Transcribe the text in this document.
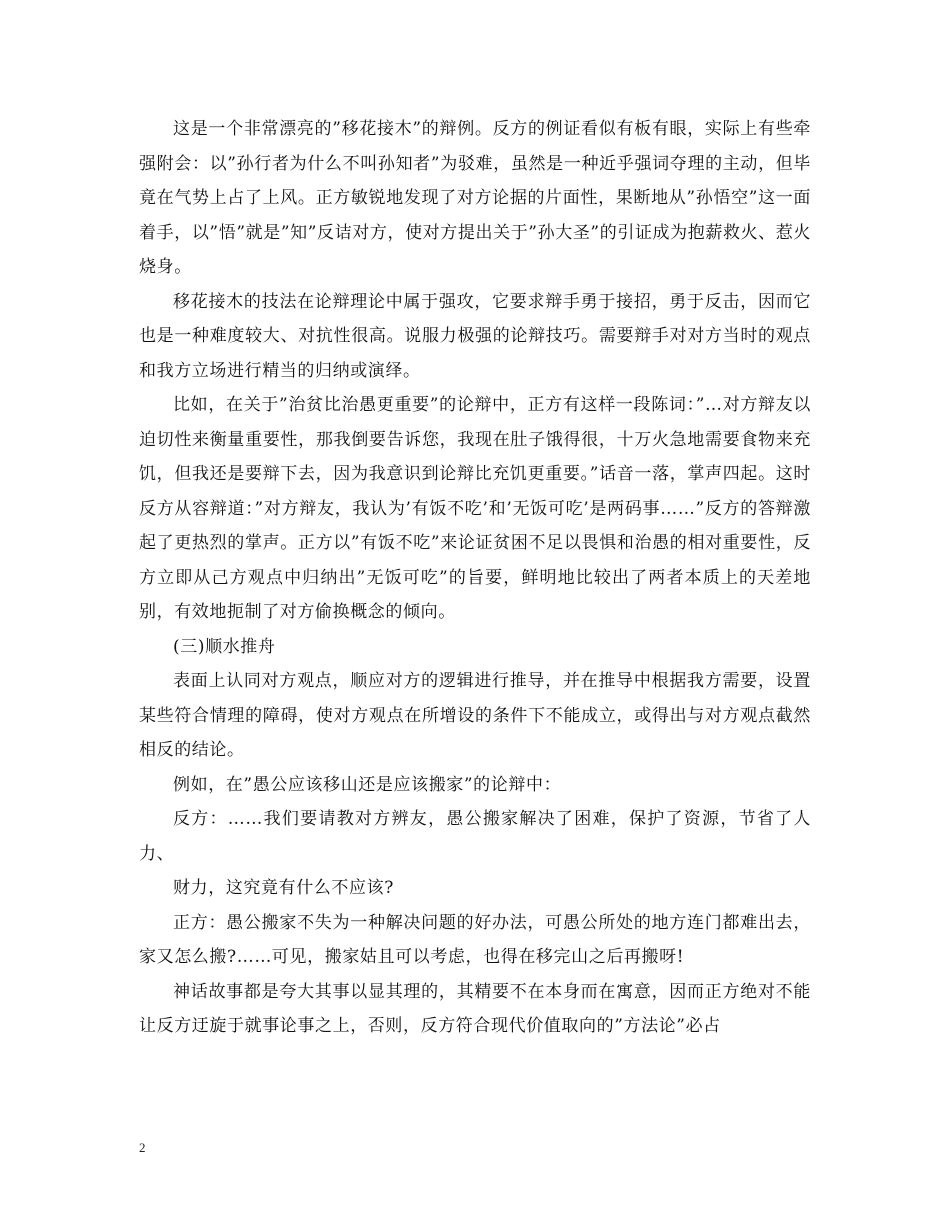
这是一个非常漂亮的”移花接木”的辩例。反方的例证看似有板有眼，实际上有些牵强附会：以”孙行者为什么不叫孙知者”为驳难，虽然是一种近乎强词夺理的主动，但毕竟在气势上占了上风。正方敏锐地发现了对方论据的片面性，果断地从”孙悟空”这一面着手，以”悟”就是”知”反诘对方，使对方提出关于”孙大圣”的引证成为抱薪救火、惹火烧身。

移花接木的技法在论辩理论中属于强攻，它要求辩手勇于接招，勇于反击，因而它也是一种难度较大、对抗性很高。说服力极强的论辩技巧。需要辩手对对方当时的观点和我方立场进行精当的归纳或演绎。

比如，在关于”治贫比治愚更重要”的论辩中，正方有这样一段陈词：”…对方辩友以迫切性来衡量重要性，那我倒要告诉您，我现在肚子饿得很，十万火急地需要食物来充饥，但我还是要辩下去，因为我意识到论辩比充饥更重要。”话音一落，掌声四起。这时反方从容辩道：”对方辩友，我认为’有饭不吃’和’无饭可吃’是两码事……”反方的答辩激起了更热烈的掌声。正方以”有饭不吃”来论证贫困不足以畏惧和治愚的相对重要性，反方立即从己方观点中归纳出”无饭可吃”的旨要，鲜明地比较出了两者本质上的天差地别，有效地扼制了对方偷换概念的倾向。

(三)顺水推舟

表面上认同对方观点，顺应对方的逻辑进行推导，并在推导中根据我方需要，设置某些符合情理的障碍，使对方观点在所增设的条件下不能成立，或得出与对方观点截然相反的结论。

例如，在”愚公应该移山还是应该搬家”的论辩中：

反方：……我们要请教对方辨友，愚公搬家解决了困难，保护了资源，节省了人力、

财力，这究竟有什么不应该?

正方：愚公搬家不失为一种解决问题的好办法，可愚公所处的地方连门都难出去，家又怎么搬?……可见，搬家姑且可以考虑，也得在移完山之后再搬呀!

神话故事都是夸大其事以显其理的，其精要不在本身而在寓意，因而正方绝对不能让反方迂旋于就事论事之上，否则，反方符合现代价值取向的”方法论”必占

2
